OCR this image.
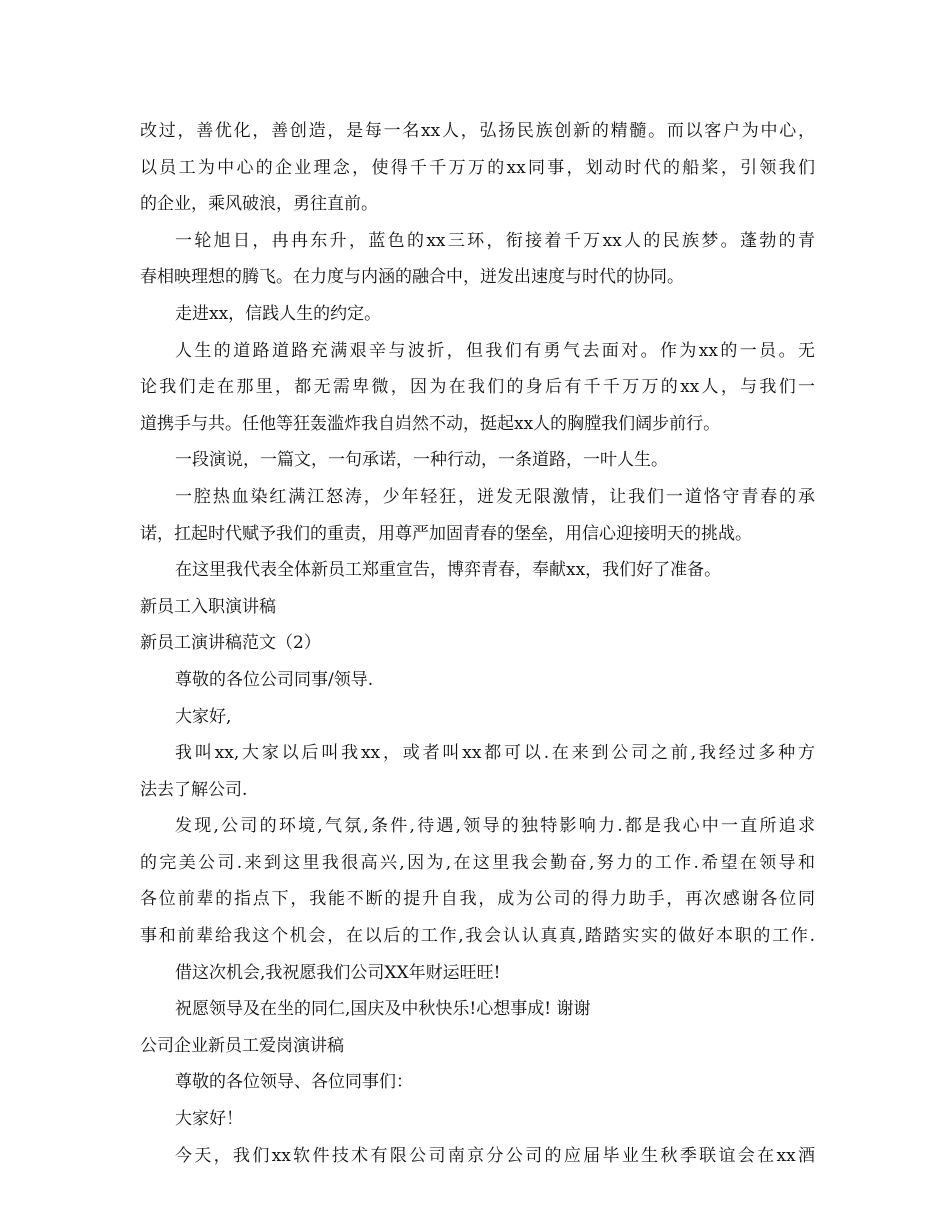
改过，善优化，善创造，是每一名xx人，弘扬民族创新的精髓。而以客户为中心，
以员工为中心的企业理念，使得千千万万的xx同事，划动时代的船桨，引领我们
的企业，乘风破浪，勇往直前。
一轮旭日，冉冉东升，蓝色的xx三环，衔接着千万xx人的民族梦。蓬勃的青
春相映理想的腾飞。在力度与内涵的融合中，迸发出速度与时代的协同。
走进xx，信践人生的约定。
人生的道路道路充满艰辛与波折，但我们有勇气去面对。作为xx的一员。无
论我们走在那里，都无需卑微，因为在我们的身后有千千万万的xx人，与我们一
道携手与共。任他等狂轰滥炸我自岿然不动，挺起xx人的胸膛我们阔步前行。
一段演说，一篇文，一句承诺，一种行动，一条道路，一叶人生。
一腔热血染红满江怒涛，少年轻狂，迸发无限激情，让我们一道恪守青春的承
诺，扛起时代赋予我们的重责，用尊严加固青春的堡垒，用信心迎接明天的挑战。
在这里我代表全体新员工郑重宣告，博弈青春，奉献xx，我们好了准备。
新员工入职演讲稿
新员工演讲稿范文（2）
尊敬的各位公司同事/领导.
大家好,
我叫xx,大家以后叫我xx，或者叫xx都可以.在来到公司之前,我经过多种方
法去了解公司.
发现,公司的环境,气氛,条件,待遇,领导的独特影响力.都是我心中一直所追求
的完美公司.来到这里我很高兴,因为,在这里我会勤奋,努力的工作.希望在领导和
各位前辈的指点下，我能不断的提升自我，成为公司的得力助手，再次感谢各位同
事和前辈给我这个机会，在以后的工作,我会认认真真,踏踏实实的做好本职的工作.
借这次机会,我祝愿我们公司XX年财运旺旺!
祝愿领导及在坐的同仁,国庆及中秋快乐!心想事成! 谢谢
公司企业新员工爱岗演讲稿
尊敬的各位领导、各位同事们：
大家好！
今天，我们xx软件技术有限公司南京分公司的应届毕业生秋季联谊会在xx酒
